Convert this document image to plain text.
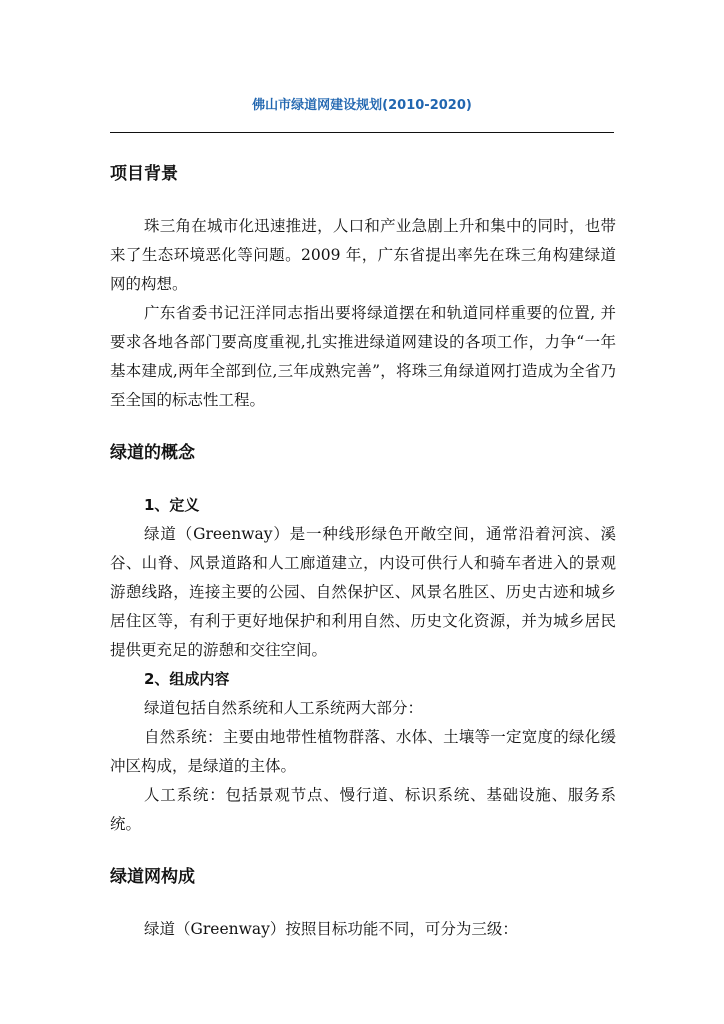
佛山市绿道网建设规划(2010-2020)
项目背景

珠三角在城市化迅速推进，人口和产业急剧上升和集中的同时，也带来了生态环境恶化等问题。2009 年，广东省提出率先在珠三角构建绿道网的构想。

广东省委书记汪洋同志指出要将绿道摆在和轨道同样重要的位置, 并要求各地各部门要高度重视,扎实推进绿道网建设的各项工作，力争“一年基本建成,两年全部到位,三年成熟完善”，将珠三角绿道网打造成为全省乃至全国的标志性工程。

绿道的概念
1、定义

绿道（Greenway）是一种线形绿色开敞空间，通常沿着河滨、溪谷、山脊、风景道路和人工廊道建立，内设可供行人和骑车者进入的景观游憩线路，连接主要的公园、自然保护区、风景名胜区、历史古迹和城乡居住区等，有利于更好地保护和利用自然、历史文化资源，并为城乡居民提供更充足的游憩和交往空间。

2、组成内容

绿道包括自然系统和人工系统两大部分：

自然系统：主要由地带性植物群落、水体、土壤等一定宽度的绿化缓冲区构成，是绿道的主体。

人工系统：包括景观节点、慢行道、标识系统、基础设施、服务系统。

绿道网构成

绿道（Greenway）按照目标功能不同，可分为三级：
